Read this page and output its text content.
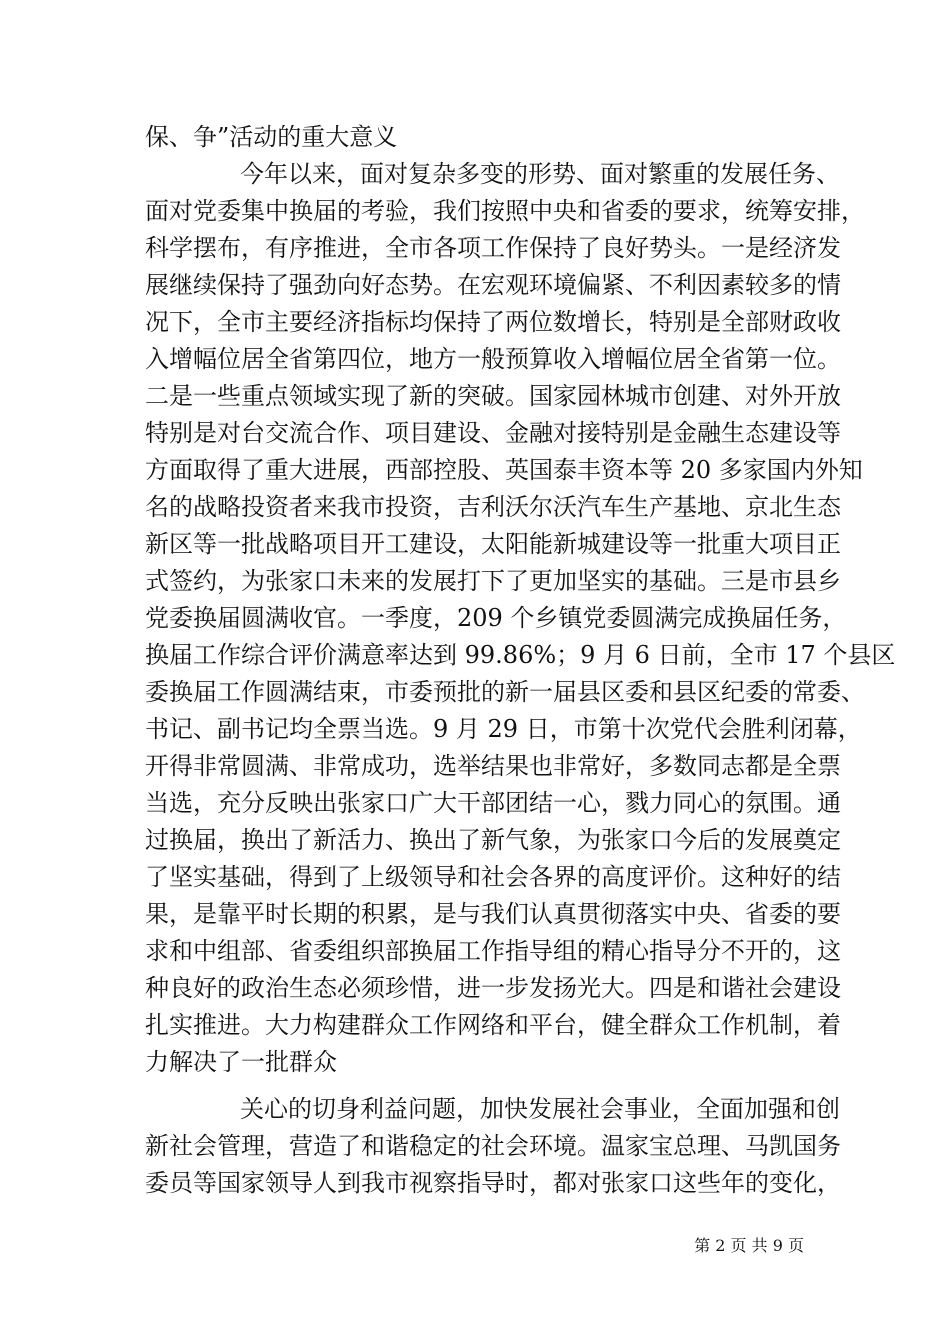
保、争”活动的重大意义
今年以来，面对复杂多变的形势、面对繁重的发展任务、
面对党委集中换届的考验，我们按照中央和省委的要求，统筹安排，
科学摆布，有序推进，全市各项工作保持了良好势头。一是经济发
展继续保持了强劲向好态势。在宏观环境偏紧、不利因素较多的情
况下，全市主要经济指标均保持了两位数增长，特别是全部财政收
入增幅位居全省第四位，地方一般预算收入增幅位居全省第一位。
二是一些重点领域实现了新的突破。国家园林城市创建、对外开放
特别是对台交流合作、项目建设、金融对接特别是金融生态建设等
方面取得了重大进展，西部控股、英国泰丰资本等 20 多家国内外知
名的战略投资者来我市投资，吉利沃尔沃汽车生产基地、京北生态
新区等一批战略项目开工建设，太阳能新城建设等一批重大项目正
式签约，为张家口未来的发展打下了更加坚实的基础。三是市县乡
党委换届圆满收官。一季度，209 个乡镇党委圆满完成换届任务，
换届工作综合评价满意率达到 99.86%；9 月 6 日前，全市 17 个县区
委换届工作圆满结束，市委预批的新一届县区委和县区纪委的常委、
书记、副书记均全票当选。9 月 29 日，市第十次党代会胜利闭幕，
开得非常圆满、非常成功，选举结果也非常好，多数同志都是全票
当选，充分反映出张家口广大干部团结一心，戮力同心的氛围。通
过换届，换出了新活力、换出了新气象，为张家口今后的发展奠定
了坚实基础，得到了上级领导和社会各界的高度评价。这种好的结
果，是靠平时长期的积累，是与我们认真贯彻落实中央、省委的要
求和中组部、省委组织部换届工作指导组的精心指导分不开的，这
种良好的政治生态必须珍惜，进一步发扬光大。四是和谐社会建设
扎实推进。大力构建群众工作网络和平台，健全群众工作机制，着
力解决了一批群众
关心的切身利益问题，加快发展社会事业，全面加强和创
新社会管理，营造了和谐稳定的社会环境。温家宝总理、马凯国务
委员等国家领导人到我市视察指导时，都对张家口这些年的变化，
第 2 页 共 9 页
